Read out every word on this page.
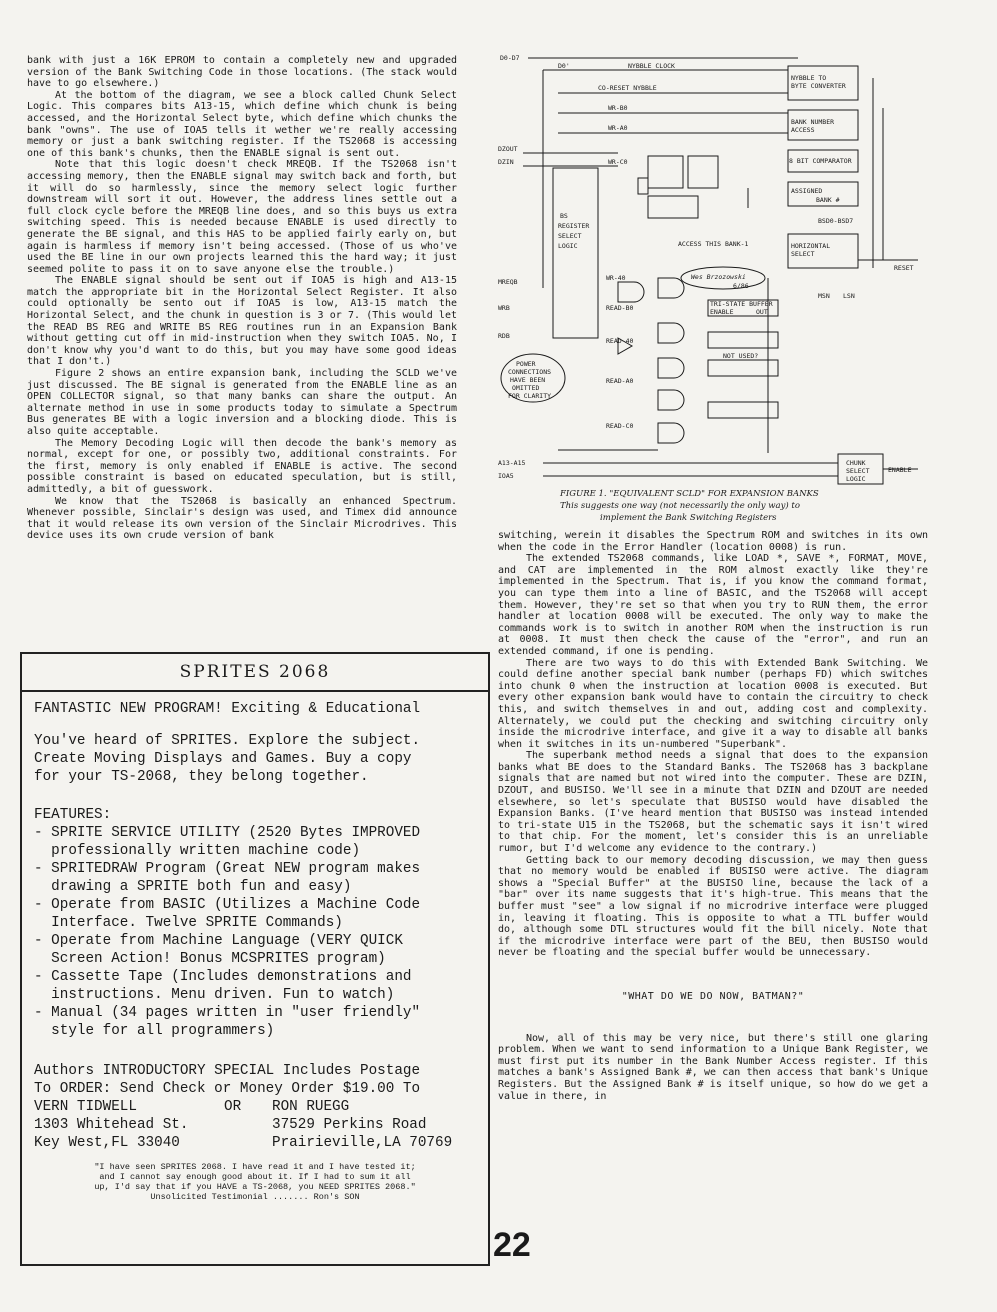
bank with just a 16K EPROM to contain a completely new and upgraded version of the Bank Switching Code in those locations. (The stack would have to go elsewhere.)

At the bottom of the diagram, we see a block called Chunk Select Logic. This compares bits A13-15, which define which chunk is being accessed, and the Horizontal Select byte, which define which chunks the bank "owns". The use of IOA5 tells it wether we're really accessing memory or just a bank switching register. If the TS2068 is accessing one of this bank's chunks, then the ENABLE signal is sent out.

Note that this logic doesn't check MREQB. If the TS2068 isn't accessing memory, then the ENABLE signal may switch back and forth, but it will do so harmlessly, since the memory select logic further downstream will sort it out. However, the address lines settle out a full clock cycle before the MREQB line does, and so this buys us extra switching speed. This is needed because ENABLE is used directly to generate the BE signal, and this HAS to be applied fairly early on, but again is harmless if memory isn't being accessed. (Those of us who've used the BE line in our own projects learned this the hard way; it just seemed polite to pass it on to save anyone else the trouble.)

The ENABLE signal should be sent out if IOA5 is high and A13-15 match the appropriate bit in the Horizontal Select Register. It also could optionally be sento out if IOA5 is low, A13-15 match the Horizontal Select, and the chunk in question is 3 or 7. (This would let the READ BS REG and WRITE BS REG routines run in an Expansion Bank without getting cut off in mid-instruction when they switch IOA5. No, I don't know why you'd want to do this, but you may have some good ideas that I don't.)

Figure 2 shows an entire expansion bank, including the SCLD we've just discussed. The BE signal is generated from the ENABLE line as an OPEN COLLECTOR signal, so that many banks can share the output. An alternate method in use in some products today to simulate a Spectrum Bus generates BE with a logic inversion and a blocking diode. This is also quite acceptable.

The Memory Decoding Logic will then decode the bank's memory as normal, except for one, or possibly two, additional constraints. For the first, memory is only enabled if ENABLE is active. The second possible constraint is based on educated speculation, but is still, admittedly, a bit of guesswork.

We know that the TS2068 is basically an enhanced Spectrum. Whenever possible, Sinclair's design was used, and Timex did announce that it would release its own version of the Sinclair Microdrives. This device uses its own crude version of bank

D0-D7
D0'	NYBBLE CLOCK
CO-RESET NYBBLE
WR-B0
WR-A0
DZOUT
DZIN	WR-C0
BS
REGISTER
SELECT
LOGIC
MREQB
WRB
RDB
WR-40
READ-B0
READ-40
READ-A0
READ-C0
POWER
CONNECTIONS
HAVE BEEN
OMITTED
FOR CLARITY
A13-A15
IOA5
NYBBLE TO
BYTE CONVERTER
BANK NUMBER
ACCESS
8 BIT COMPARATOR
ASSIGNED
BANK #
BSD0-BSD7
ACCESS THIS BANK-1	HORIZONTAL
SELECT
RESET
TRI-STATE BUFFER
ENABLE	OUT
NOT USED?
MSN LSN
CHUNK
SELECT
LOGIC
ENABLE
Wes Brzozowski
6/86
FIGURE 1. "EQUIVALENT SCLD" FOR EXPANSION BANKS
This suggests one way (not necessarily the only way) to
implement the Bank Switching Registers

switching, werein it disables the Spectrum ROM and switches in its own when the code in the Error Handler (location 0008) is run.

The extended TS2068 commands, like LOAD *, SAVE *, FORMAT, MOVE, and CAT are implemented in the ROM almost exactly like they're implemented in the Spectrum. That is, if you know the command format, you can type them into a line of BASIC, and the TS2068 will accept them. However, they're set so that when you try to RUN them, the error handler at location 0008 will be executed. The only way to make the commands work is to switch in another ROM when the instruction is run at 0008. It must then check the cause of the "error", and run an extended command, if one is pending.

There are two ways to do this with Extended Bank Switching. We could define another special bank number (perhaps FD) which switches into chunk 0 when the instruction at location 0008 is executed. But every other expansion bank would have to contain the circuitry to check this, and switch themselves in and out, adding cost and complexity. Alternately, we could put the checking and switching circuitry only inside the microdrive interface, and give it a way to disable all banks when it switches in its un-numbered "Superbank".

The superbank method needs a signal that does to the expansion banks what BE does to the Standard Banks. The TS2068 has 3 backplane signals that are named but not wired into the computer. These are DZIN, DZOUT, and BUSISO. We'll see in a minute that DZIN and DZOUT are needed elsewhere, so let's speculate that BUSISO would have disabled the Expansion Banks. (I've heard mention that BUSISO was instead intended to tri-state U15 in the TS2068, but the schematic says it isn't wired to that chip. For the moment, let's consider this is an unreliable rumor, but I'd welcome any evidence to the contrary.)

Getting back to our memory decoding discussion, we may then guess that no memory would be enabled if BUSISO were active. The diagram shows a "Special Buffer" at the BUSISO line, because the lack of a "bar" over its name suggests that it's high-true. This means that the buffer must "see" a low signal if no microdrive interface were plugged in, leaving it floating. This is opposite to what a TTL buffer would do, although some DTL structures would fit the bill nicely. Note that if the microdrive interface were part of the BEU, then BUSISO would never be floating and the special buffer would be unnecessary.

"WHAT DO WE DO NOW, BATMAN?"

Now, all of this may be very nice, but there's still one glaring problem. When we want to send information to a Unique Bank Register, we must first put its number in the Bank Number Access register. If this matches a bank's Assigned Bank #, we can then access that bank's Unique Registers. But the Assigned Bank # is itself unique, so how do we get a value in there, in

SPRITES 2068
FANTASTIC NEW PROGRAM! Exciting & Educational
You've heard of SPRITES. Explore the subject.
Create Moving Displays and Games. Buy a copy
for your TS-2068, they belong together.
FEATURES:
- SPRITE SERVICE UTILITY (2520 Bytes IMPROVED
professionally written machine code)
- SPRITEDRAW Program (Great NEW program makes
drawing a SPRITE both fun and easy)
- Operate from BASIC (Utilizes a Machine Code
Interface. Twelve SPRITE Commands)
- Operate from Machine Language (VERY QUICK
Screen Action! Bonus MCSPRITES program)
- Cassette Tape (Includes demonstrations and
instructions. Menu driven. Fun to watch)
- Manual (34 pages written in "user friendly"
style for all programmers)
Authors INTRODUCTORY SPECIAL Includes Postage
To ORDER: Send Check or Money Order $19.00 To
VERN TIDWELL
1303 Whitehead St.
Key West,FL 33040
OR	RON RUEGG
37529 Perkins Road
Prairieville,LA 70769
"I have seen SPRITES 2068. I have read it and I have tested it;
and I cannot say enough good about it. If I had to sum it all
up, I'd say that if you HAVE a TS-2068, you NEED SPRITES 2068."
Unsolicited Testimonial ....... Ron's SON
22
